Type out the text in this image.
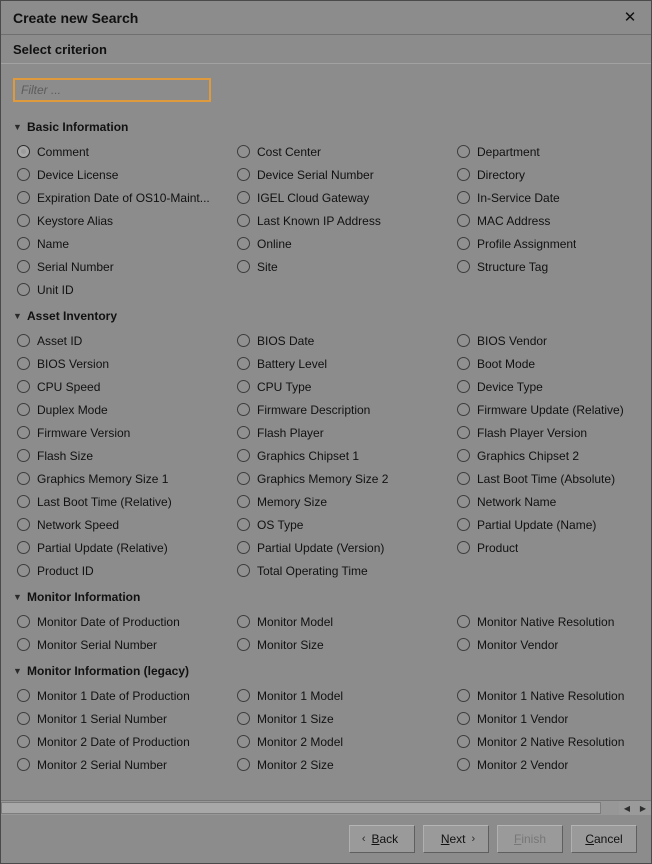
Create new Search	✕
Select criterion
Filter ...
▼ Basic Information
Comment	Cost Center	Department
Device License	Device Serial Number	Directory
Expiration Date of OS10-Maint...	IGEL Cloud Gateway	In-Service Date
Keystore Alias	Last Known IP Address	MAC Address
Name	Online	Profile Assignment
Serial Number	Site	Structure Tag
Unit ID
▼ Asset Inventory
Asset ID	BIOS Date	BIOS Vendor
BIOS Version	Battery Level	Boot Mode
CPU Speed	CPU Type	Device Type
Duplex Mode	Firmware Description	Firmware Update (Relative)
Firmware Version	Flash Player	Flash Player Version
Flash Size	Graphics Chipset 1	Graphics Chipset 2
Graphics Memory Size 1	Graphics Memory Size 2	Last Boot Time (Absolute)
Last Boot Time (Relative)	Memory Size	Network Name
Network Speed	OS Type	Partial Update (Name)
Partial Update (Relative)	Partial Update (Version)	Product
Product ID	Total Operating Time
▼ Monitor Information
Monitor Date of Production	Monitor Model	Monitor Native Resolution
Monitor Serial Number	Monitor Size	Monitor Vendor
▼ Monitor Information (legacy)
Monitor 1 Date of Production	Monitor 1 Model	Monitor 1 Native Resolution
Monitor 1 Serial Number	Monitor 1 Size	Monitor 1 Vendor
Monitor 2 Date of Production	Monitor 2 Model	Monitor 2 Native Resolution
Monitor 2 Serial Number	Monitor 2 Size	Monitor 2 Vendor
◀	▶
‹ Back	Next ›	Finish	Cancel
